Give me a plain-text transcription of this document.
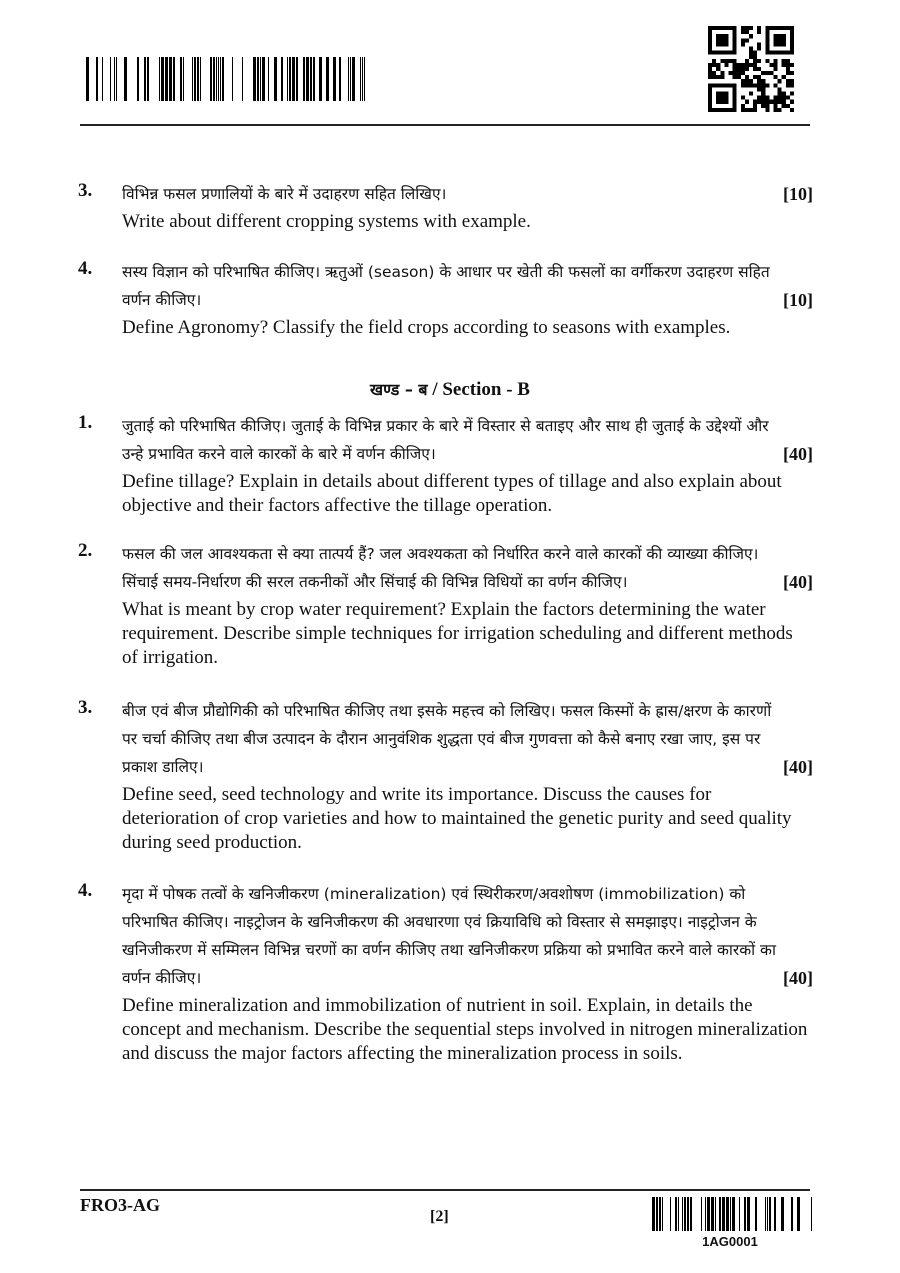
3.	[10]
विभिन्न फसल प्रणालियों के बारे में उदाहरण सहित लिखिए।
Write about different cropping systems with example.
4.
[10]
सस्य विज्ञान को परिभाषित कीजिए। ऋतुओं (season) के आधार पर खेती की फसलों का वर्गीकरण उदाहरण सहित वर्णन कीजिए।
Define Agronomy? Classify the field crops according to seasons with examples.
खण्ड – ब / Section - B
1.
[40]
जुताई को परिभाषित कीजिए। जुताई के विभिन्न प्रकार के बारे में विस्तार से बताइए और साथ ही जुताई के उद्देश्यों और उन्हे प्रभावित करने वाले कारकों के बारे में वर्णन कीजिए।
Define tillage? Explain in details about different types of tillage and also explain about objective and their factors affective the tillage operation.
2.
[40]
फसल की जल आवश्यकता से क्या तात्पर्य हैं? जल अवश्यकता को निर्धारित करने वाले कारकों की व्याख्या कीजिए। सिंचाई समय-निर्धारण की सरल तकनीकों और सिंचाई की विभिन्न विधियों का वर्णन कीजिए।
What is meant by crop water requirement? Explain the factors determining the water requirement. Describe simple techniques for irrigation scheduling and different methods of irrigation.
3.
[40]
बीज एवं बीज प्रौद्योगिकी को परिभाषित कीजिए तथा इसके महत्त्व को लिखिए। फसल किस्मों के ह्रास/क्षरण के कारणों पर चर्चा कीजिए तथा बीज उत्पादन के दौरान आनुवंशिक शुद्धता एवं बीज गुणवत्ता को कैसे बनाए रखा जाए, इस पर प्रकाश डालिए।
Define seed, seed technology and write its importance. Discuss the causes for deterioration of crop varieties and how to maintained the genetic purity and seed quality during seed production.
4.
[40]
मृदा में पोषक तत्वों के खनिजीकरण (mineralization) एवं स्थिरीकरण/अवशोषण (immobilization) को परिभाषित कीजिए। नाइट्रोजन के खनिजीकरण की अवधारणा एवं क्रियाविधि को विस्तार से समझाइए। नाइट्रोजन के खनिजीकरण में सम्मिलन विभिन्न चरणों का वर्णन कीजिए तथा खनिजीकरण प्रक्रिया को प्रभावित करने वाले कारकों का वर्णन कीजिए।
Define mineralization and immobilization of nutrient in soil. Explain, in details the concept and mechanism. Describe the sequential steps involved in nitrogen mineralization and discuss the major factors affecting the mineralization process in soils.
FRO3-AG
[2]
1AG0001
